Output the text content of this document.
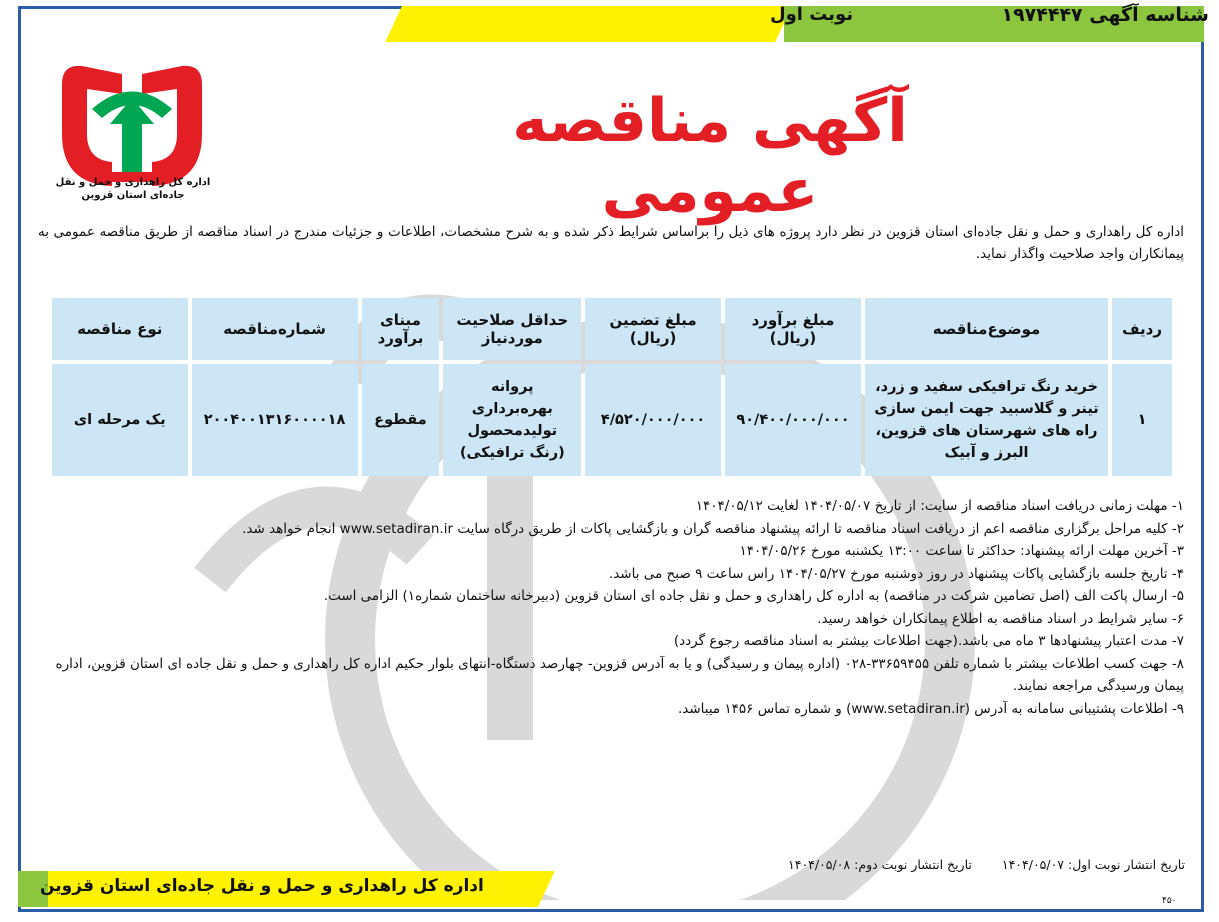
شناسه آگهی ۱۹۷۴۴۴۷
نوبت اول
اداره کل راهداری و حمل و نقل
جاده‌ای استان قزوین
آگهی مناقصه عمومی
اداره کل راهداری و حمل و نقل جاده‌ای استان قزوین در نظر دارد پروژه های ذیل را براساس شرایط ذکر شده و به شرح مشخصات، اطلاعات و جزئیات مندرج در اسناد مناقصه از طریق مناقصه عمومی به پیمانکاران واجد صلاحیت واگذار نماید.
ردیف	موضوع‌مناقصه	مبلغ برآورد (ریال)	مبلغ تضمین (ریال)	حداقل صلاحیت مورد‌نیاز	مبنای برآورد	شماره‌مناقصه	نوع مناقصه
۱	خرید رنگ ترافیکی سفید و زرد، تینر و گلاسبید جهت ایمن سازی راه های شهرستان های قزوین، البرز و آبیک	۹۰/۴۰۰/۰۰۰/۰۰۰	۴/۵۲۰/۰۰۰/۰۰۰	پروانه بهره‌برداری تولیدمحصول (رنگ ترافیکی)	مقطوع	۲۰۰۴۰۰۱۳۱۶۰۰۰۰۱۸	یک مرحله ای
۱- مهلت زمانی دریافت اسناد مناقصه از سایت: از تاریخ ۱۴۰۴/۰۵/۰۷ لغایت ۱۴۰۴/۰۵/۱۲
۲- کلیه مراحل برگزاری مناقصه اعم از دریافت اسناد مناقصه تا ارائه پیشنهاد مناقصه گران و بازگشایی پاکات از طریق درگاه سایت www.setadiran.ir انجام خواهد شد.
۳- آخرین مهلت ارائه پیشنهاد: حداکثر تا ساعت ۱۳:۰۰ یکشنبه مورخ ۱۴۰۴/۰۵/۲۶
۴- تاریخ جلسه بازگشایی پاکات پیشنهاد در روز دوشنبه مورخ ۱۴۰۴/۰۵/۲۷ راس ساعت ۹ صبح می باشد.
۵- ارسال پاکت الف (اصل تضامین شرکت در مناقصه) به اداره کل راهداری و حمل و نقل جاده ای استان قزوین (دبیرخانه ساختمان شماره۱) الزامی است.
۶- سایر شرایط در اسناد مناقصه به اطلاع پیمانکاران خواهد رسید.
۷- مدت اعتبار پیشنهادها ۳ ماه می باشد.(جهت اطلاعات بیشتر به اسناد مناقصه رجوع گردد)
۸- جهت کسب اطلاعات بیشتر با شماره تلفن ۳۳۶۵۹۴۵۵-۰۲۸ (اداره پیمان و رسیدگی) و یا به آدرس قزوین- چهارصد دستگاه-انتهای بلوار حکیم اداره کل راهداری و حمل و نقل جاده ای استان قزوین، اداره پیمان ورسیدگی مراجعه نمایند.
۹- اطلاعات پشتیبانی سامانه به آدرس (www.setadiran.ir) و شماره تماس ۱۴۵۶ میباشد.
تاریخ انتشار نوبت اول: ۱۴۰۴/۰۵/۰۷ تاریخ انتشار نوبت دوم: ۱۴۰۴/۰۵/۰۸
اداره کل راهداری و حمل و نقل جاده‌ای استان قزوین
۴۵۰
